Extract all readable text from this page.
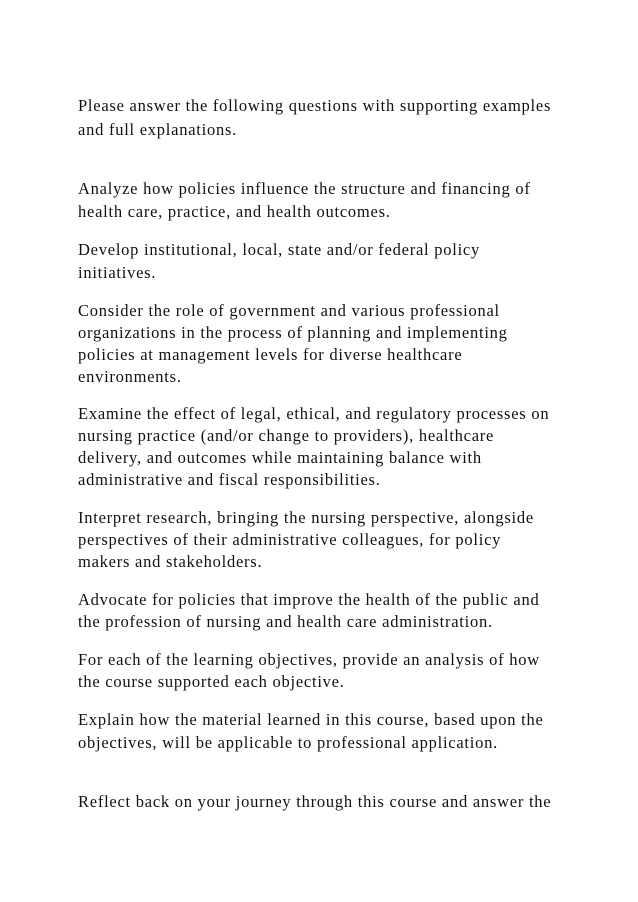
Please answer the following questions with supporting examples

and full explanations.

Analyze how policies influence the structure and financing of

health care, practice, and health outcomes.

Develop institutional, local, state and/or federal policy

initiatives.

Consider the role of government and various professional

organizations in the process of planning and implementing

policies at management levels for diverse healthcare

environments.

Examine the effect of legal, ethical, and regulatory processes on

nursing practice (and/or change to providers), healthcare

delivery, and outcomes while maintaining balance with

administrative and fiscal responsibilities.

Interpret research, bringing the nursing perspective, alongside

perspectives of their administrative colleagues, for policy

makers and stakeholders.

Advocate for policies that improve the health of the public and

the profession of nursing and health care administration.

For each of the learning objectives, provide an analysis of how

the course supported each objective.

Explain how the material learned in this course, based upon the

objectives, will be applicable to professional application.

Reflect back on your journey through this course and answer the
